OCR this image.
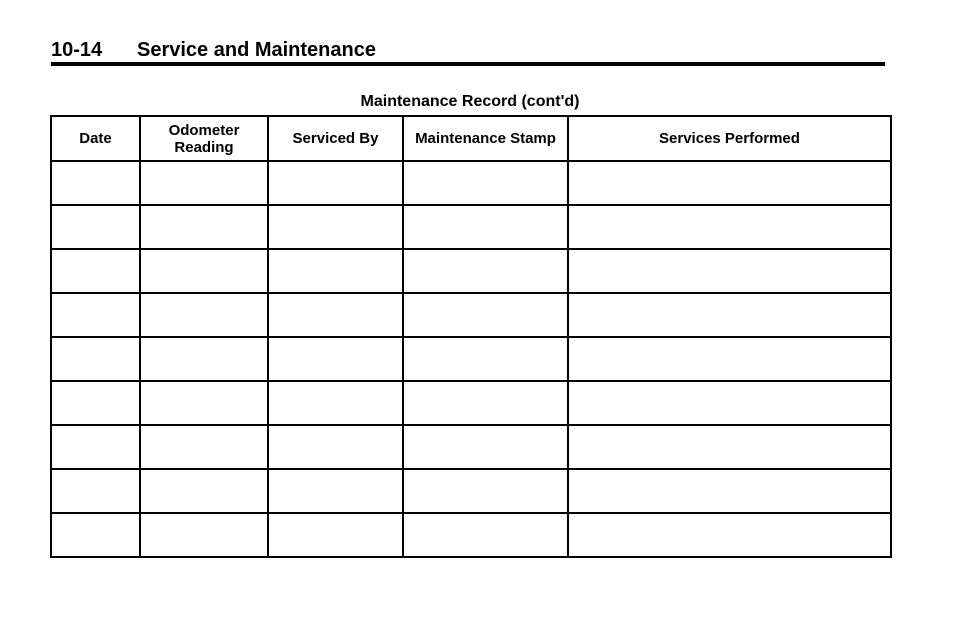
10-14 Service and Maintenance
Maintenance Record (cont'd)
Date	Odometer Reading	Serviced By	Maintenance Stamp	Services Performed
